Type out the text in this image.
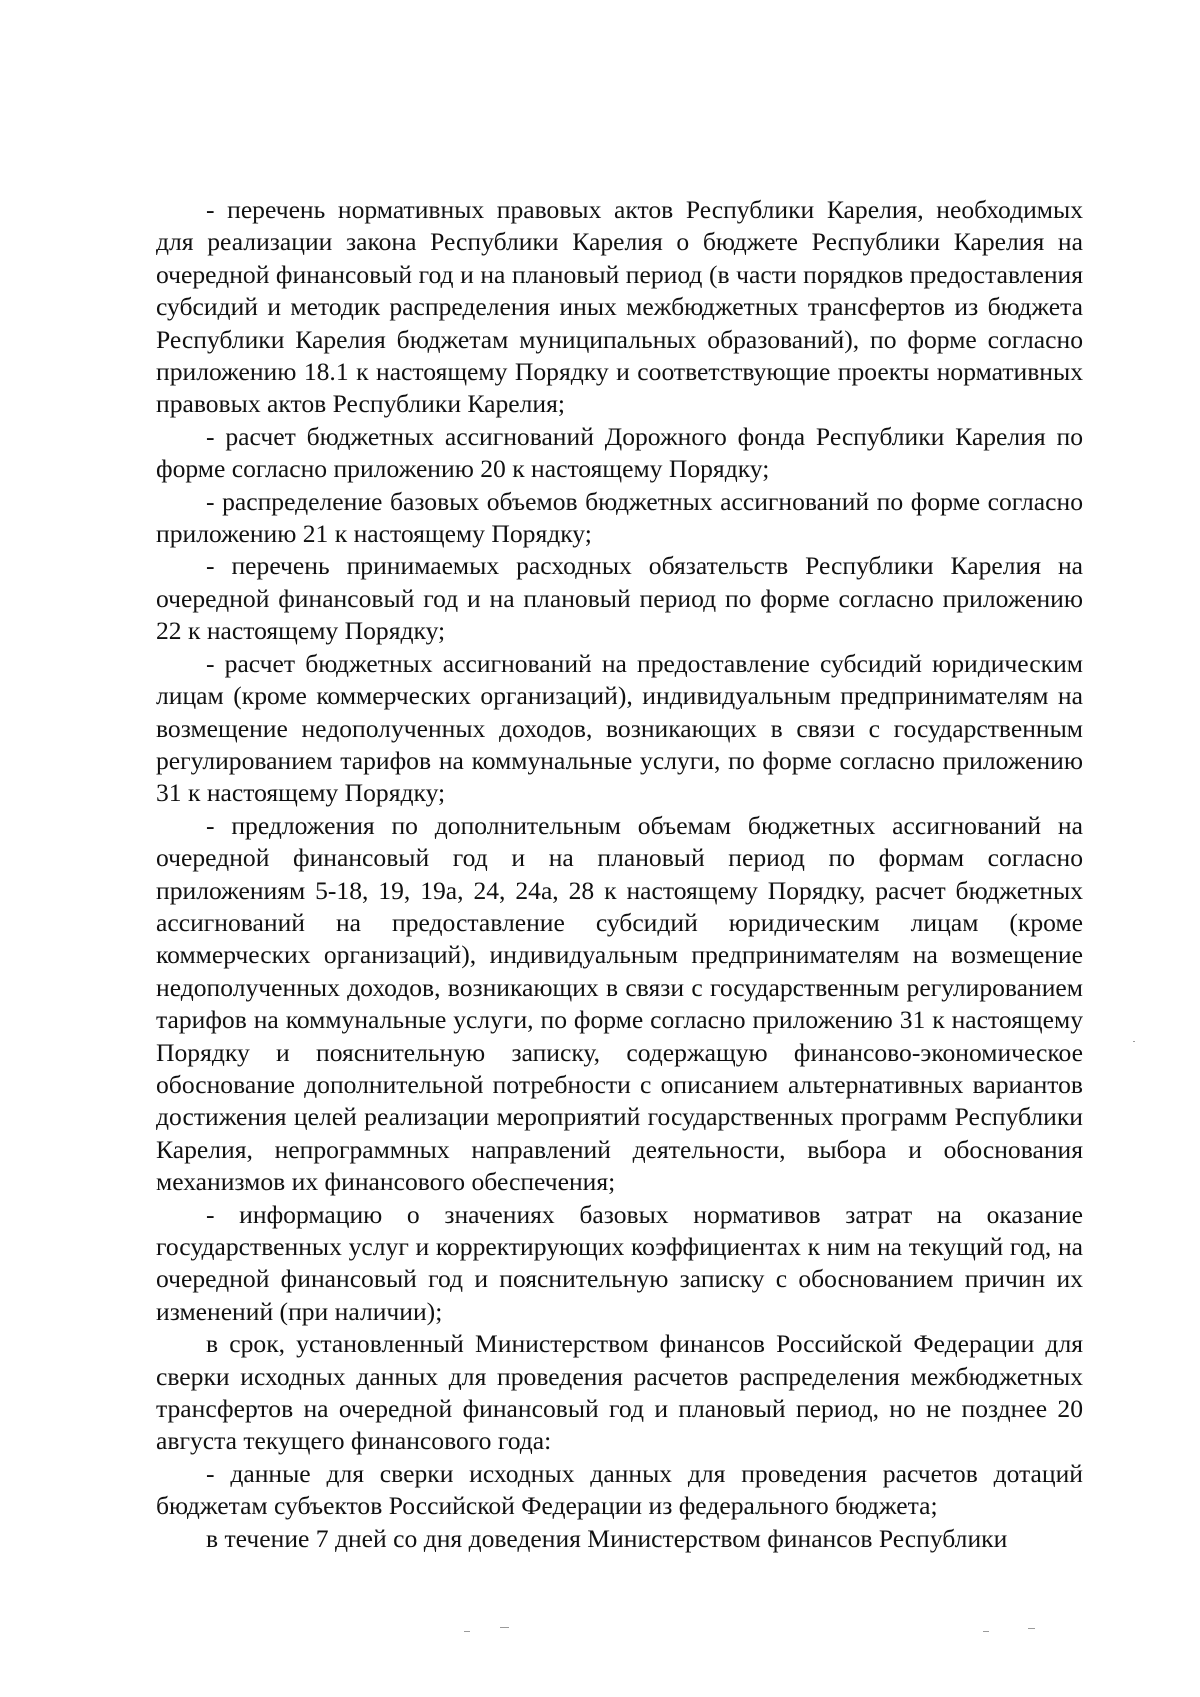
- перечень нормативных правовых актов Республики Карелия, необходимых для реализации закона Республики Карелия о бюджете Республики Карелия на очередной финансовый год и на плановый период (в части порядков предоставления субсидий и методик распределения иных межбюджетных трансфертов из бюджета Республики Карелия бюджетам муниципальных образований), по форме согласно приложению 18.1 к настоящему Порядку и соответствующие проекты нормативных правовых актов Республики Карелия;

- расчет бюджетных ассигнований Дорожного фонда Республики Карелия по форме согласно приложению 20 к настоящему Порядку;

- распределение базовых объемов бюджетных ассигнований по форме согласно приложению 21 к настоящему Порядку;

- перечень принимаемых расходных обязательств Республики Карелия на очередной финансовый год и на плановый период по форме согласно приложению 22 к настоящему Порядку;

- расчет бюджетных ассигнований на предоставление субсидий юридическим лицам (кроме коммерческих организаций), индивидуальным предпринимателям на возмещение недополученных доходов, возникающих в связи с государственным регулированием тарифов на коммунальные услуги, по форме согласно приложению 31 к настоящему Порядку;

- предложения по дополнительным объемам бюджетных ассигнований на очередной финансовый год и на плановый период по формам согласно приложениям 5-18, 19, 19а, 24, 24а, 28 к настоящему Порядку, расчет бюджетных ассигнований на предоставление субсидий юридическим лицам (кроме коммерческих организаций), индивидуальным предпринимателям на возмещение недополученных доходов, возникающих в связи с государственным регулированием тарифов на коммунальные услуги, по форме согласно приложению 31 к настоящему Порядку и пояснительную записку, содержащую финансово-экономическое обоснование дополнительной потребности с описанием альтернативных вариантов достижения целей реализации мероприятий государственных программ Республики Карелия, непрограммных направлений деятельности, выбора и обоснования механизмов их финансового обеспечения;

- информацию о значениях базовых нормативов затрат на оказание государственных услуг и корректирующих коэффициентах к ним на текущий год, на очередной финансовый год и пояснительную записку с обоснованием причин их изменений (при наличии);

в срок, установленный Министерством финансов Российской Федерации для сверки исходных данных для проведения расчетов распределения межбюджетных трансфертов на очередной финансовый год и плановый период, но не позднее 20 августа текущего финансового года:

- данные для сверки исходных данных для проведения расчетов дотаций бюджетам субъектов Российской Федерации из федерального бюджета;

в течение 7 дней со дня доведения Министерством финансов Республики
